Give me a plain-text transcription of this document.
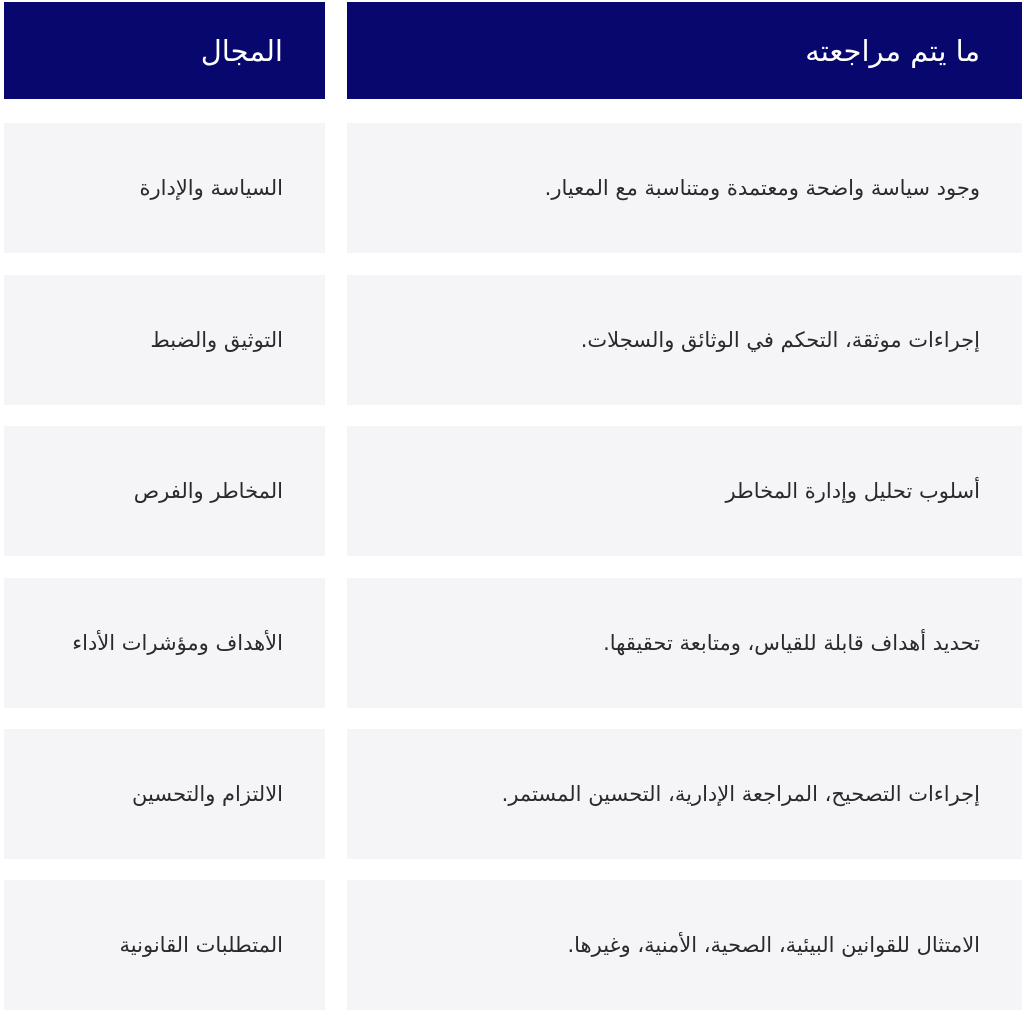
ما يتم مراجعته
المجال
وجود سياسة واضحة ومعتمدة ومتناسبة مع المعيار.
السياسة والإدارة
إجراءات موثقة، التحكم في الوثائق والسجلات.
التوثيق والضبط
أسلوب تحليل وإدارة المخاطر
المخاطر والفرص
تحديد أهداف قابلة للقياس، ومتابعة تحقيقها.
الأهداف ومؤشرات الأداء
إجراءات التصحيح، المراجعة الإدارية، التحسين المستمر.
الالتزام والتحسين
الامتثال للقوانين البيئية، الصحية، الأمنية، وغيرها.
المتطلبات القانونية
